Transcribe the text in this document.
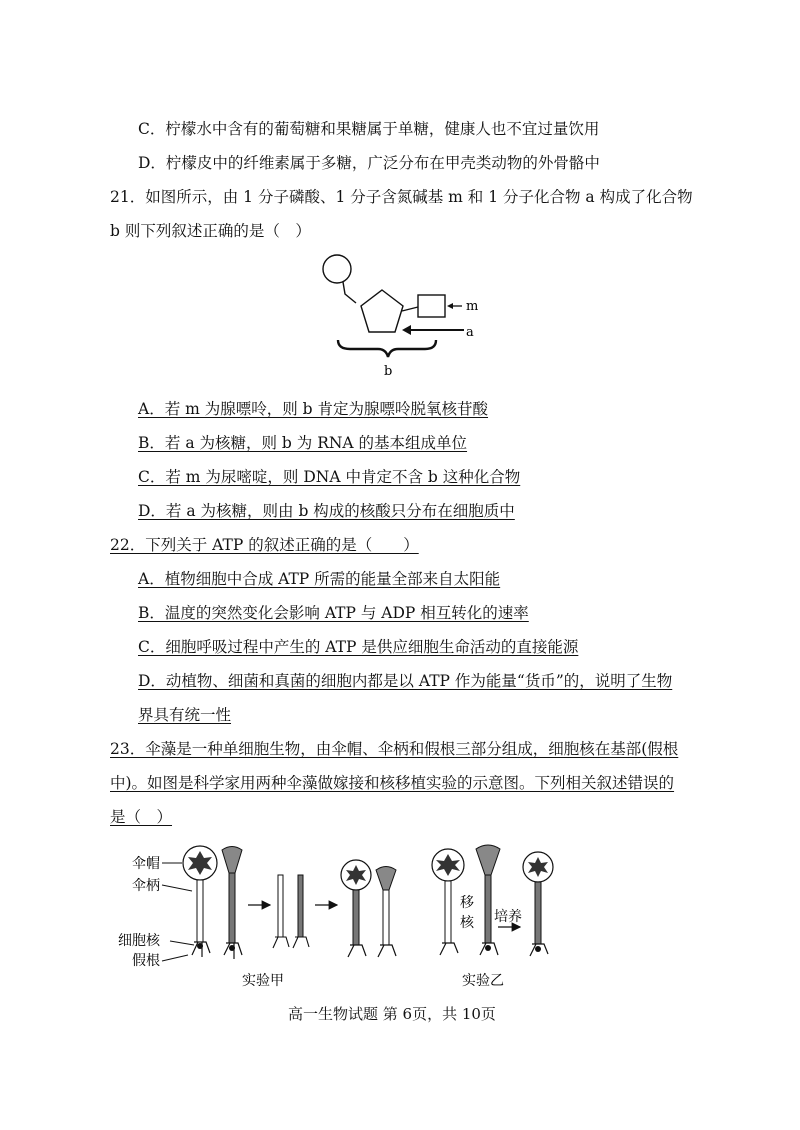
C．柠檬水中含有的葡萄糖和果糖属于单糖，健康人也不宜过量饮用
D．柠檬皮中的纤维素属于多糖，广泛分布在甲壳类动物的外骨骼中
21．如图所示，由 1 分子磷酸、1 分子含氮碱基 m 和 1 分子化合物 a 构成了化合物
b 则下列叙述正确的是（　）
m
a
b
A．若 m 为腺嘌呤，则 b 肯定为腺嘌呤脱氧核苷酸
B．若 a 为核糖，则 b 为 RNA 的基本组成单位
C．若 m 为尿嘧啶，则 DNA 中肯定不含 b 这种化合物
D．若 a 为核糖，则由 b 构成的核酸只分布在细胞质中
22．下列关于 ATP 的叙述正确的是（　　）
A．植物细胞中合成 ATP 所需的能量全部来自太阳能
B．温度的突然变化会影响 ATP 与 ADP 相互转化的速率
C．细胞呼吸过程中产生的 ATP 是供应细胞生命活动的直接能源
D．动植物、细菌和真菌的细胞内都是以 ATP 作为能量“货币”的，说明了生物
界具有统一性
23．伞藻是一种单细胞生物，由伞帽、伞柄和假根三部分组成，细胞核在基部(假根
中)。如图是科学家用两种伞藻做嫁接和核移植实验的示意图。下列相关叙述错误的
是（　）
伞帽
伞柄
细胞核
假根
移
核 培养
实验甲	实验乙
高一生物试题 第 6页，共 10页
